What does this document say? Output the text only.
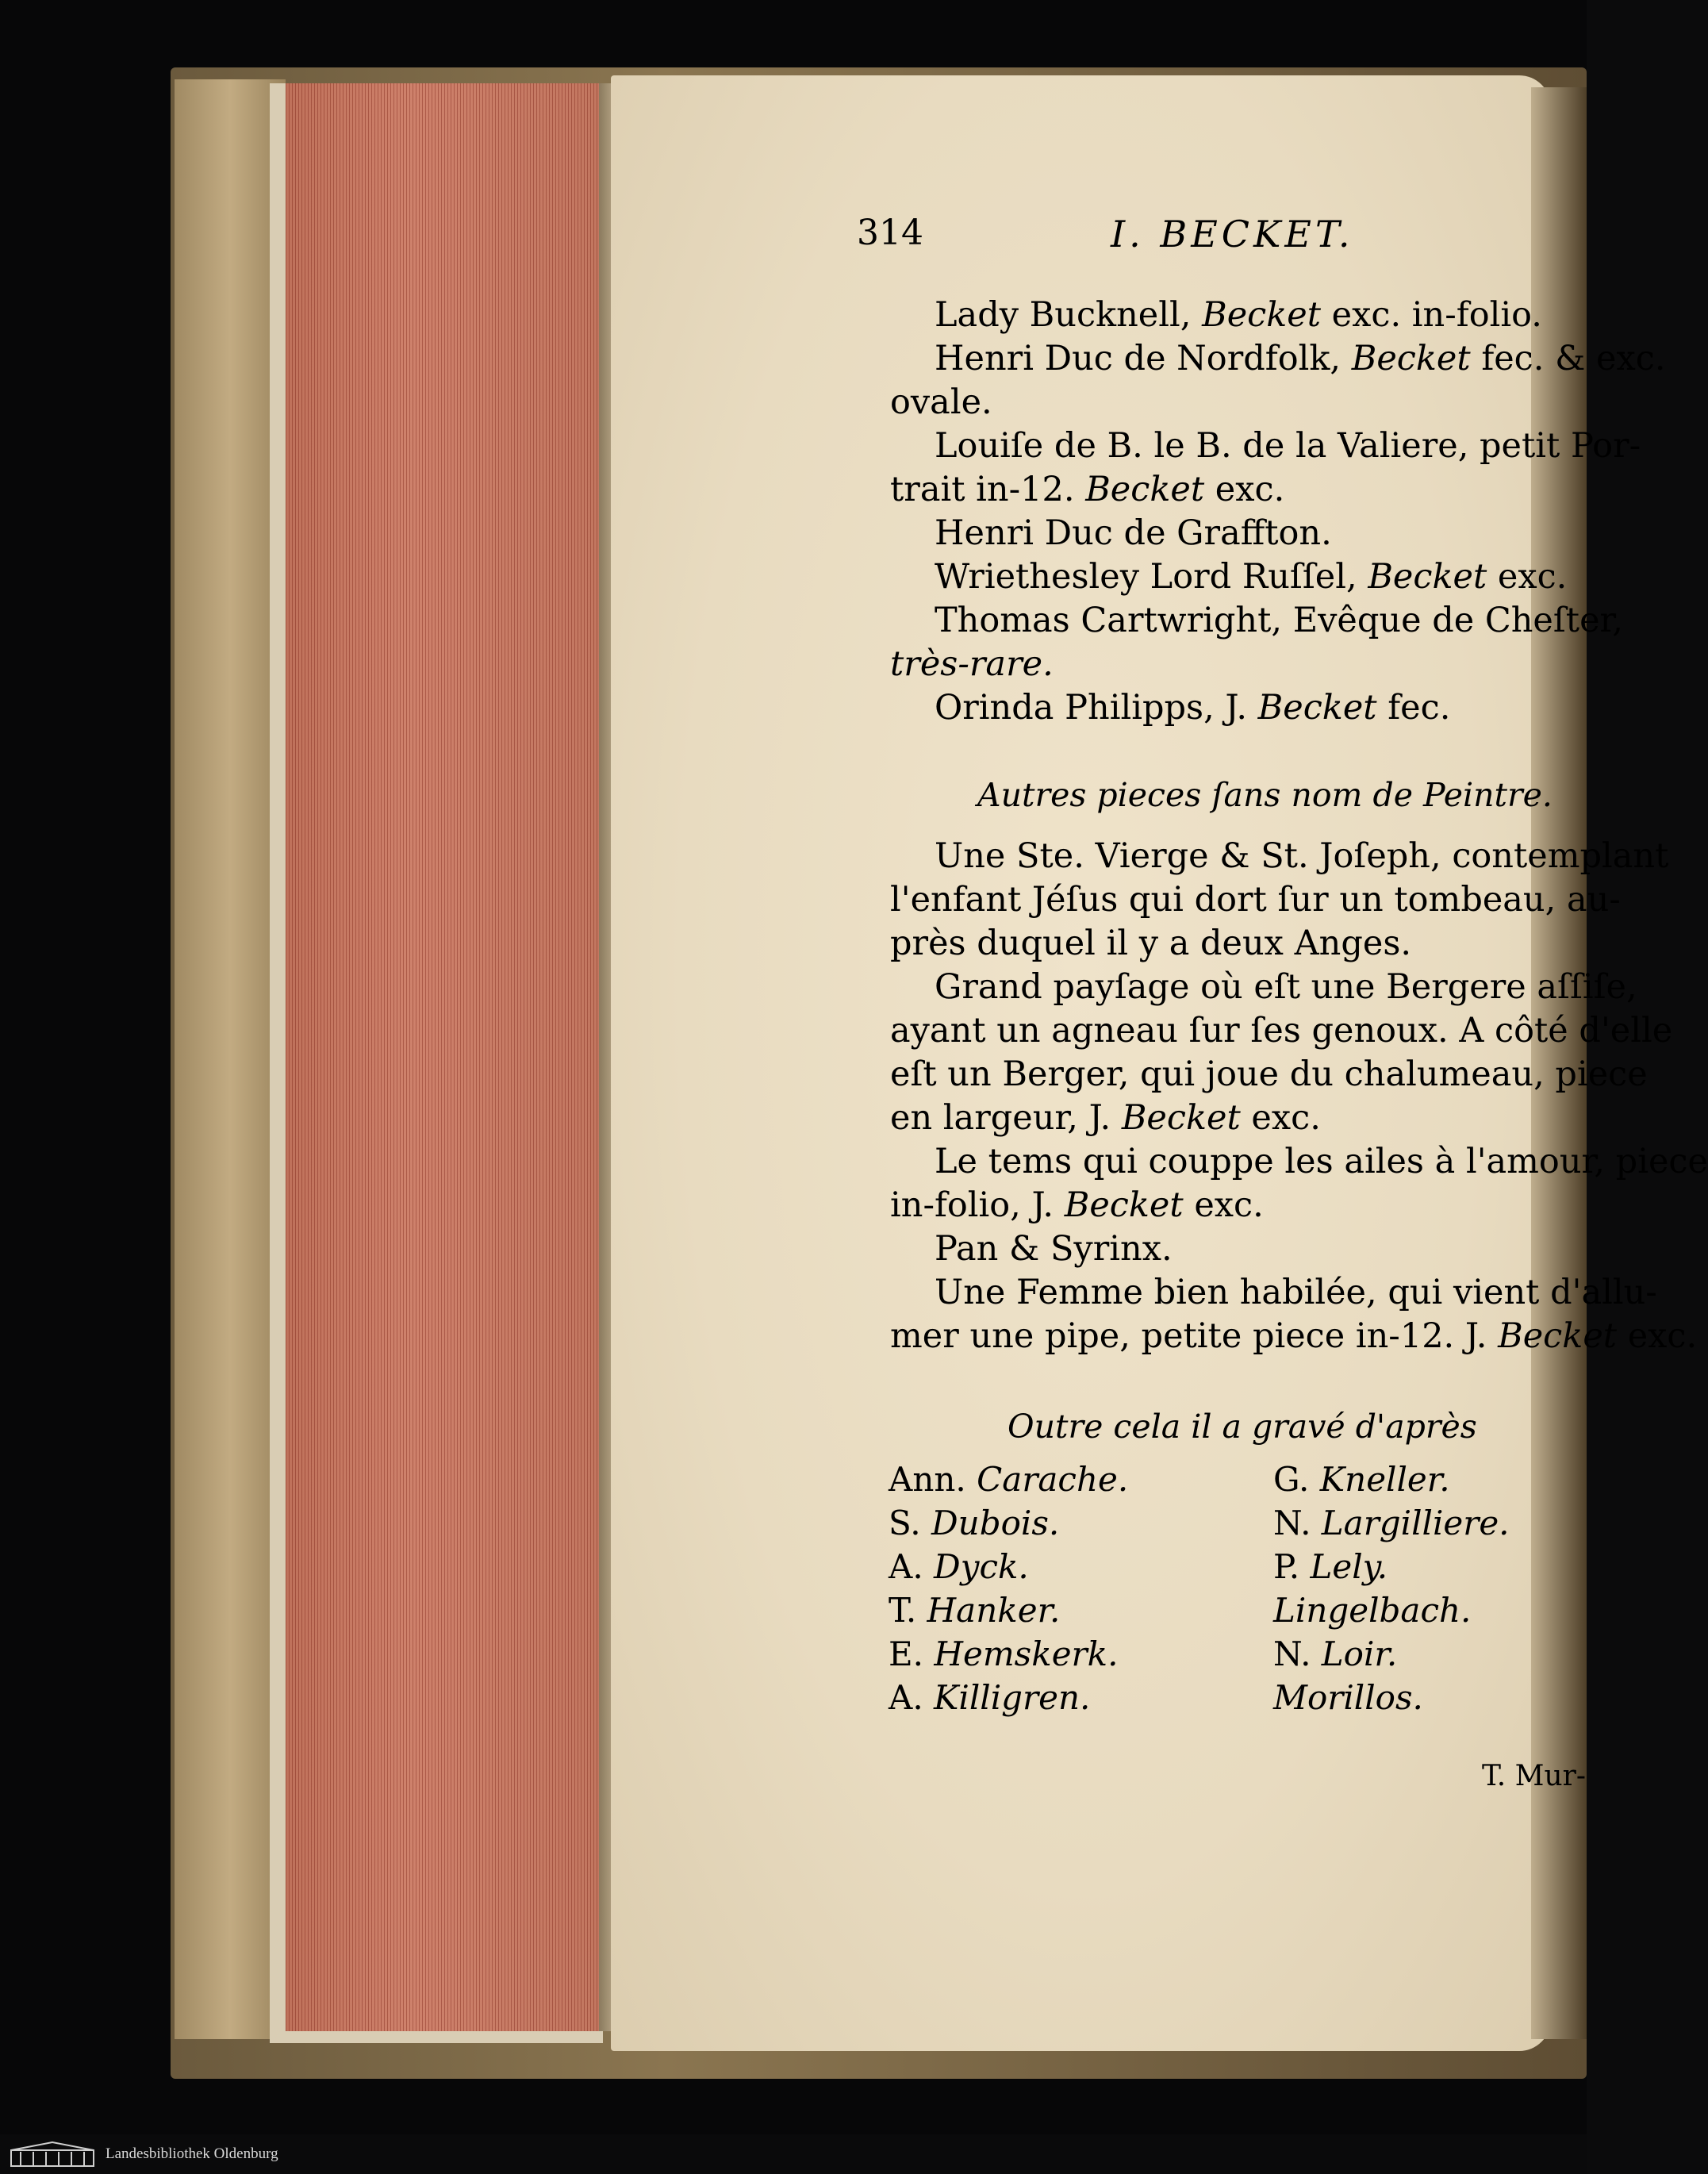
314	I. BECKET.
Lady Bucknell, Becket exc. in-folio.
Henri Duc de Nordfolk, Becket fec. & exc.
ovale.
Louiſe de B. le B. de la Valiere, petit Por-
trait in-12. Becket exc.
Henri Duc de Graffton.
Wriethesley Lord Ruſſel, Becket exc.
Thomas Cartwright, Evêque de Cheſter,
très-rare.
Orinda Philipps, J. Becket fec.
Autres pieces ſans nom de Peintre.
Une Ste. Vierge & St. Joſeph, contemplant
l'enfant Jéſus qui dort ſur un tombeau, au-
près duquel il y a deux Anges.
Grand payſage où eſt une Bergere aſſiſe,
ayant un agneau ſur ſes genoux. A côté d'elle
eſt un Berger, qui joue du chalumeau, piece
en largeur, J. Becket exc.
Le tems qui couppe les ailes à l'amour, piece
in-folio, J. Becket exc.
Pan & Syrinx.
Une Femme bien habilée, qui vient d'allu-
mer une pipe, petite piece in-12. J. Becket exc.
Outre cela il a gravé d'après
Ann. Carache.
S. Dubois.
A. Dyck.
T. Hanker.
E. Hemskerk.
A. Killigren.
G. Kneller.
N. Largilliere.
P. Lely.
Lingelbach.
N. Loir.
Morillos.
T. Mur-
Landesbibliothek Oldenburg
